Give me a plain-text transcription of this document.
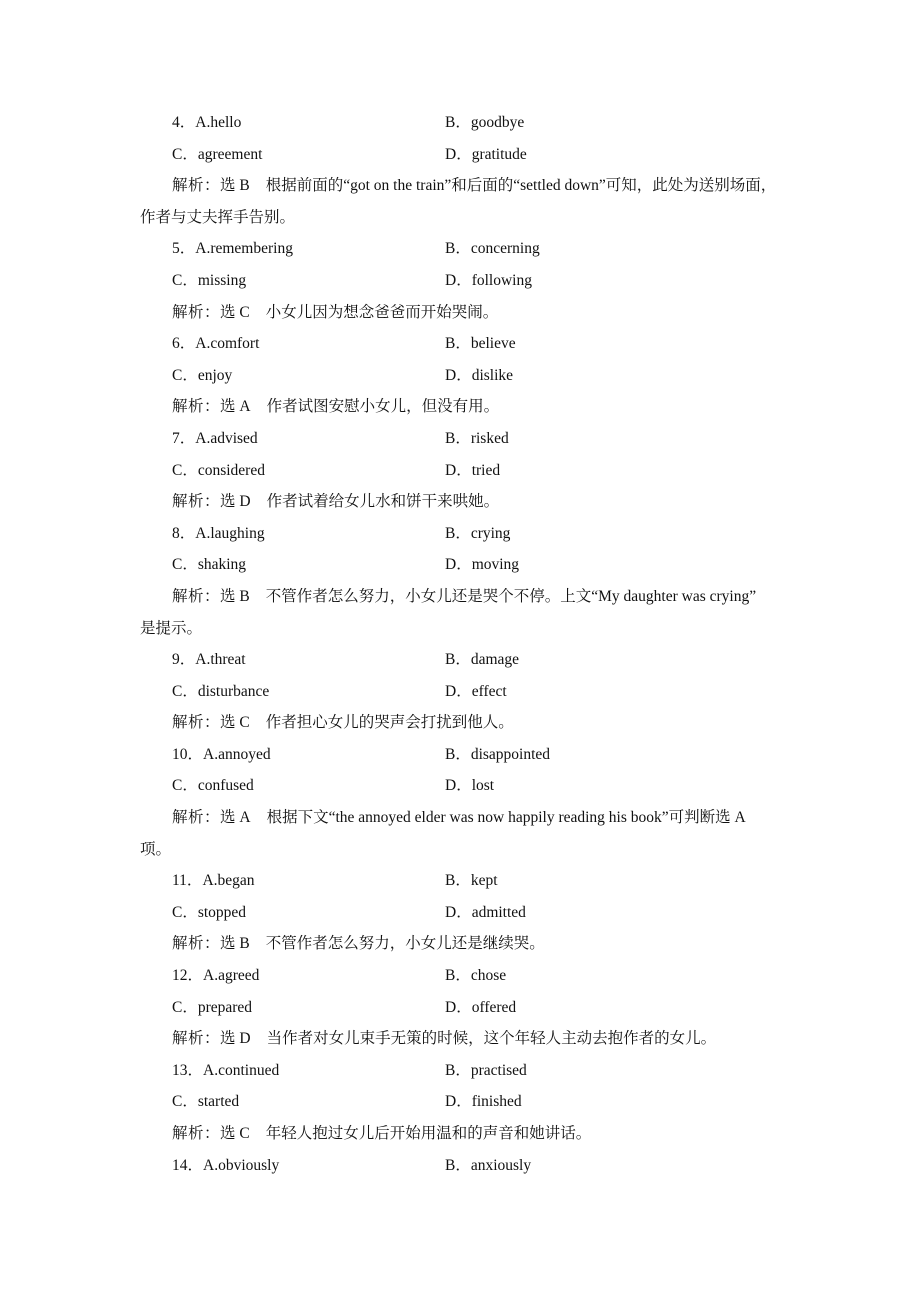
4．A.hello	B．goodbye
C．agreement	D．gratitude
解析：选 B 根据前面的“got on the train”和后面的“settled down”可知，此处为送别场面，
作者与丈夫挥手告别。
5．A.remembering	B．concerning
C．missing	D．following
解析：选 C 小女儿因为想念爸爸而开始哭闹。
6．A.comfort	B．believe
C．enjoy	D．dislike
解析：选 A 作者试图安慰小女儿，但没有用。
7．A.advised	B．risked
C．considered	D．tried
解析：选 D 作者试着给女儿水和饼干来哄她。
8．A.laughing	B．crying
C．shaking	D．moving
解析：选 B 不管作者怎么努力，小女儿还是哭个不停。上文“My daughter was crying”
是提示。
9．A.threat	B．damage
C．disturbance	D．effect
解析：选 C 作者担心女儿的哭声会打扰到他人。
10．A.annoyed	B．disappointed
C．confused	D．lost
解析：选 A 根据下文“the annoyed elder was now happily reading his book”可判断选 A
项。
11．A.began	B．kept
C．stopped	D．admitted
解析：选 B 不管作者怎么努力，小女儿还是继续哭。
12．A.agreed	B．chose
C．prepared	D．offered
解析：选 D 当作者对女儿束手无策的时候，这个年轻人主动去抱作者的女儿。
13．A.continued	B．practised
C．started	D．finished
解析：选 C 年轻人抱过女儿后开始用温和的声音和她讲话。
14．A.obviously	B．anxiously
